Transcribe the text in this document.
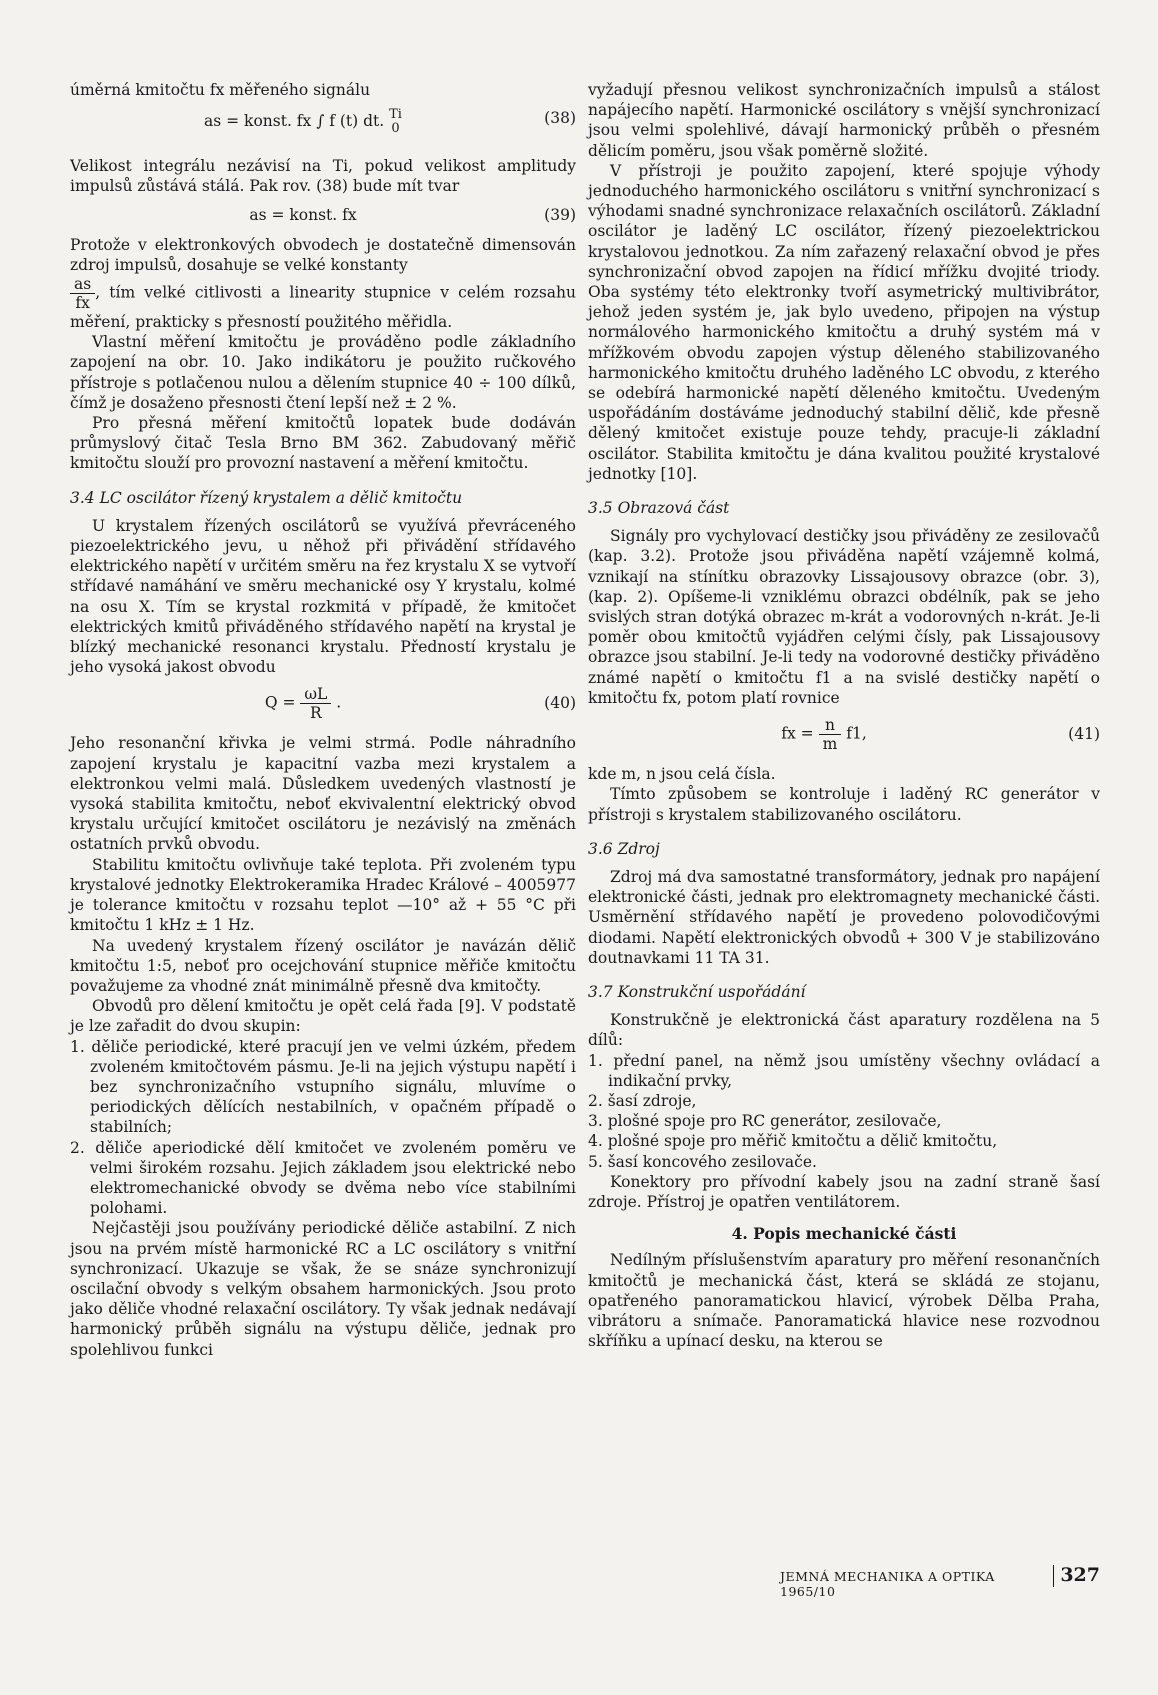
úměrná kmitočtu fx měřeného signálu

as = konst. fx ∫ f (t) dt. Ti
0
(38)

Velikost integrálu nezávisí na Ti, pokud velikost amplitudy impulsů zůstává stálá. Pak rov. (38) bude mít tvar

as = konst. fx	(39)

Protože v elektronkových obvodech je dostatečně dimensován zdroj impulsů, dosahuje se velké konstanty

$\frac{as}{fx}$ , tím velké citlivosti a linearity stupnice v celém rozsahu měření, prakticky s přesností použitého měřidla.

Vlastní měření kmitočtu je prováděno podle základního zapojení na obr. 10. Jako indikátoru je použito ručkového přístroje s potlačenou nulou a dělením stupnice 40 ÷ 100 dílků, čímž je dosaženo přesnosti čtení lepší než ± 2 %.

Pro přesná měření kmitočtů lopatek bude dodáván průmyslový čitač Tesla Brno BM 362. Zabudovaný měřič kmitočtu slouží pro provozní nastavení a měření kmitočtu.

3.4 LC oscilátor řízený krystalem a dělič kmitočtu

U krystalem řízených oscilátorů se využívá převráceného piezoelektrického jevu, u něhož při přivádění střídavého elektrického napětí v určitém směru na řez krystalu X se vytvoří střídavé namáhání ve směru mechanické osy Y krystalu, kolmé na osu X. Tím se krystal rozkmitá v případě, že kmitočet elektrických kmitů přiváděného střídavého napětí na krystal je blízký mechanické resonanci krystalu. Předností krystalu je jeho vysoká jakost obvodu

$Q = \frac{\omega L}{R}$ .	(40)

Jeho resonanční křivka je velmi strmá. Podle náhradního zapojení krystalu je kapacitní vazba mezi krystalem a elektronkou velmi malá. Důsledkem uvedených vlastností je vysoká stabilita kmitočtu, neboť ekvivalentní elektrický obvod krystalu určující kmitočet oscilátoru je nezávislý na změnách ostatních prvků obvodu.

Stabilitu kmitočtu ovlivňuje také teplota. Při zvoleném typu krystalové jednotky Elektrokeramika Hradec Králové – 4005977 je tolerance kmitočtu v rozsahu teplot —10° až + 55 °C při kmitočtu 1 kHz ± 1 Hz.

Na uvedený krystalem řízený oscilátor je navázán dělič kmitočtu 1:5, neboť pro ocejchování stupnice měřiče kmitočtu považujeme za vhodné znát minimálně přesně dva kmitočty.

Obvodů pro dělení kmitočtu je opět celá řada [9]. V podstatě je lze zařadit do dvou skupin:

1. děliče periodické, které pracují jen ve velmi úzkém, předem zvoleném kmitočtovém pásmu. Je-li na jejich výstupu napětí i bez synchronizačního vstupního signálu, mluvíme o periodických dělících nestabilních, v opačném případě o stabilních;

2. děliče aperiodické dělí kmitočet ve zvoleném poměru ve velmi širokém rozsahu. Jejich základem jsou elektrické nebo elektromechanické obvody se dvěma nebo více stabilními polohami.

Nejčastěji jsou používány periodické děliče astabilní. Z nich jsou na prvém místě harmonické RC a LC oscilátory s vnitřní synchronizací. Ukazuje se však, že se snáze synchronizují oscilační obvody s velkým obsahem harmonických. Jsou proto jako děliče vhodné relaxační oscilátory. Ty však jednak nedávají harmonický průběh signálu na výstupu děliče, jednak pro spolehlivou funkci

vyžadují přesnou velikost synchronizačních impulsů a stálost napájecího napětí. Harmonické oscilátory s vnější synchronizací jsou velmi spolehlivé, dávají harmonický průběh o přesném dělicím poměru, jsou však poměrně složité.

V přístroji je použito zapojení, které spojuje výhody jednoduchého harmonického oscilátoru s vnitřní synchronizací s výhodami snadné synchronizace relaxačních oscilátorů. Základní oscilátor je laděný LC oscilátor, řízený piezoelektrickou krystalovou jednotkou. Za ním zařazený relaxační obvod je přes synchronizační obvod zapojen na řídicí mřížku dvojité triody. Oba systémy této elektronky tvoří asymetrický multivibrátor, jehož jeden systém je, jak bylo uvedeno, připojen na výstup normálového harmonického kmitočtu a druhý systém má v mřížkovém obvodu zapojen výstup děleného stabilizovaného harmonického kmitočtu druhého laděného LC obvodu, z kterého se odebírá harmonické napětí děleného kmitočtu. Uvedeným uspořádáním dostáváme jednoduchý stabilní dělič, kde přesně dělený kmitočet existuje pouze tehdy, pracuje-li základní oscilátor. Stabilita kmitočtu je dána kvalitou použité krystalové jednotky [10].

3.5 Obrazová část

Signály pro vychylovací destičky jsou přiváděny ze zesilovačů (kap. 3.2). Protože jsou přiváděna napětí vzájemně kolmá, vznikají na stínítku obrazovky Lissajousovy obrazce (obr. 3), (kap. 2). Opíšeme-li vzniklému obrazci obdélník, pak se jeho svislých stran dotýká obrazec m-krát a vodorovných n-krát. Je-li poměr obou kmitočtů vyjádřen celými čísly, pak Lissajousovy obrazce jsou stabilní. Je-li tedy na vodorovné destičky přiváděno známé napětí o kmitočtu f1 a na svislé destičky napětí o kmitočtu fx, potom platí rovnice

fx = $\frac{n}{m} f1$,	(41)

kde m, n jsou celá čísla.

Tímto způsobem se kontroluje i laděný RC generátor v přístroji s krystalem stabilizovaného oscilátoru.

3.6 Zdroj

Zdroj má dva samostatné transformátory, jednak pro napájení elektronické části, jednak pro elektromagnety mechanické části. Usměrnění střídavého napětí je provedeno polovodičovými diodami. Napětí elektronických obvodů + 300 V je stabilizováno doutnavkami 11 TA 31.

3.7 Konstrukční uspořádání

Konstrukčně je elektronická část aparatury rozdělena na 5 dílů:

1. přední panel, na němž jsou umístěny všechny ovládací a indikační prvky,

2. šasí zdroje,

3. plošné spoje pro RC generátor, zesilovače,

4. plošné spoje pro měřič kmitočtu a dělič kmitočtu,

5. šasí koncového zesilovače.

Konektory pro přívodní kabely jsou na zadní straně šasí zdroje. Přístroj je opatřen ventilátorem.

4. Popis mechanické části

Nedílným příslušenstvím aparatury pro měření resonančních kmitočtů je mechanická část, která se skládá ze stojanu, opatřeného panoramatickou hlavicí, výrobek Dělba Praha, vibrátoru a snímače. Panoramatická hlavice nese rozvodnou skříňku a upínací desku, na kterou se

JEMNÁ MECHANIKA A OPTIKA 1965/10
327
